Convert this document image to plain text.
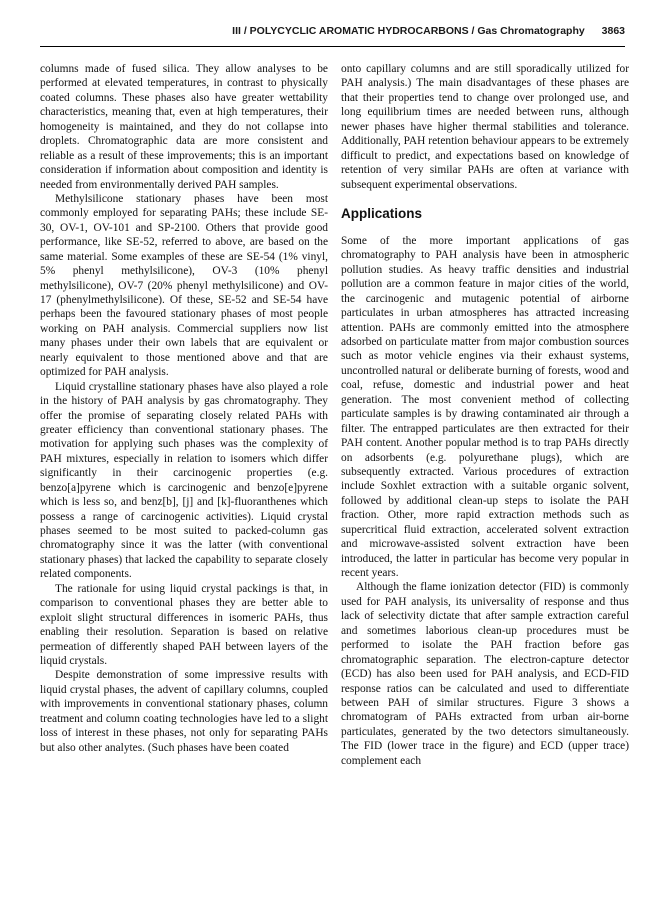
III / POLYCYCLIC AROMATIC HYDROCARBONS / Gas Chromatography 3863

columns made of fused silica. They allow analyses to be performed at elevated temperatures, in contrast to physically coated columns. These phases also have greater wettability characteristics, meaning that, even at high temperatures, their homogeneity is maintained, and they do not collapse into droplets. Chromatographic data are more consistent and reliable as a result of these improvements; this is an important consideration if information about composition and identity is needed from environmentally derived PAH samples.

Methylsilicone stationary phases have been most commonly employed for separating PAHs; these include SE-30, OV-1, OV-101 and SP-2100. Others that provide good performance, like SE-52, referred to above, are based on the same material. Some examples of these are SE-54 (1% vinyl, 5% phenyl methylsilicone), OV-3 (10% phenyl methylsilicone), OV-7 (20% phenyl methylsilicone) and OV-17 (phenylmethylsilicone). Of these, SE-52 and SE-54 have perhaps been the favoured stationary phases of most people working on PAH analysis. Commercial suppliers now list many phases under their own labels that are equivalent or nearly equivalent to those mentioned above and that are optimized for PAH analysis.

Liquid crystalline stationary phases have also played a role in the history of PAH analysis by gas chromatography. They offer the promise of separating closely related PAHs with greater efficiency than conventional stationary phases. The motivation for applying such phases was the complexity of PAH mixtures, especially in relation to isomers which differ significantly in their carcinogenic properties (e.g. benzo[a]pyrene which is carcinogenic and benzo[e]pyrene which is less so, and benz[b], [j] and [k]-fluoranthenes which possess a range of carcinogenic activities). Liquid crystal phases seemed to be most suited to packed-column gas chromatography since it was the latter (with conventional stationary phases) that lacked the capability to separate closely related components.

The rationale for using liquid crystal packings is that, in comparison to conventional phases they are better able to exploit slight structural differences in isomeric PAHs, thus enabling their resolution. Separation is based on relative permeation of differently shaped PAH between layers of the liquid crystals.

Despite demonstration of some impressive results with liquid crystal phases, the advent of capillary columns, coupled with improvements in conventional stationary phases, column treatment and column coating technologies have led to a slight loss of interest in these phases, not only for separating PAHs but also other analytes. (Such phases have been coated

onto capillary columns and are still sporadically utilized for PAH analysis.) The main disadvantages of these phases are that their properties tend to change over prolonged use, and long equilibrium times are needed between runs, although newer phases have higher thermal stabilities and tolerance. Additionally, PAH retention behaviour appears to be extremely difficult to predict, and expectations based on knowledge of retention of very similar PAHs are often at variance with subsequent experimental observations.

Applications

Some of the more important applications of gas chromatography to PAH analysis have been in atmospheric pollution studies. As heavy traffic densities and industrial pollution are a common feature in major cities of the world, the carcinogenic and mutagenic potential of airborne particulates in urban atmospheres has attracted increasing attention. PAHs are commonly emitted into the atmosphere adsorbed on particulate matter from major combustion sources such as motor vehicle engines via their exhaust systems, uncontrolled natural or deliberate burning of forests, wood and coal, refuse, domestic and industrial power and heat generation. The most convenient method of collecting particulate samples is by drawing contaminated air through a filter. The entrapped particulates are then extracted for their PAH content. Another popular method is to trap PAHs directly on adsorbents (e.g. polyurethane plugs), which are subsequently extracted. Various procedures of extraction include Soxhlet extraction with a suitable organic solvent, followed by additional clean-up steps to isolate the PAH fraction. Other, more rapid extraction methods such as supercritical fluid extraction, accelerated solvent extraction and microwave-assisted solvent extraction have been introduced, the latter in particular has become very popular in recent years.

Although the flame ionization detector (FID) is commonly used for PAH analysis, its universality of response and thus lack of selectivity dictate that after sample extraction careful and sometimes laborious clean-up procedures must be performed to isolate the PAH fraction before gas chromatographic separation. The electron-capture detector (ECD) has also been used for PAH analysis, and ECD-FID response ratios can be calculated and used to differentiate between PAH of similar structures. Figure 3 shows a chromatogram of PAHs extracted from urban air-borne particulates, generated by the two detectors simultaneously. The FID (lower trace in the figure) and ECD (upper trace) complement each
